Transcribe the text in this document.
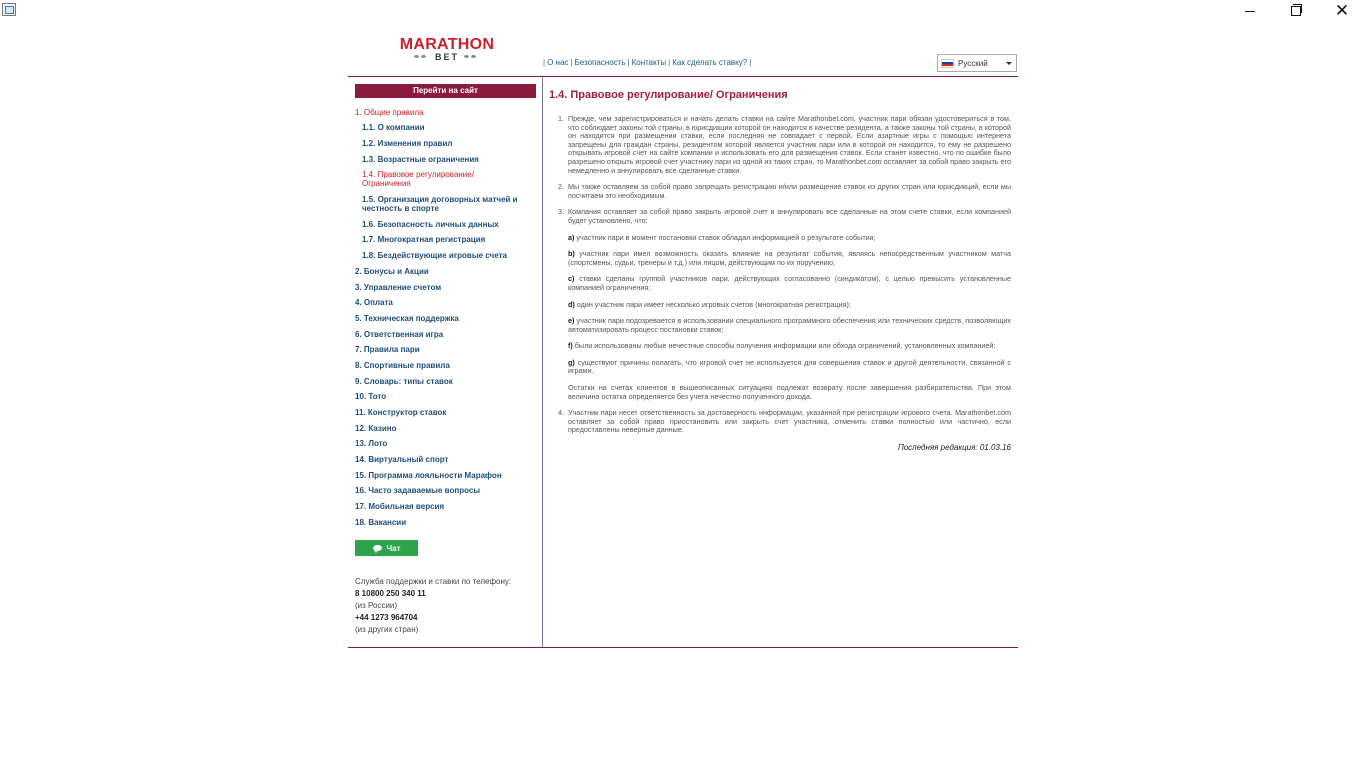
✕
MARATHON
BET
| О нас | Безопасность | Контакты | Как сделать ставку? |	Русский
Перейти на сайт
1. Общие правила
1.1. О компании
1.2. Изменения правил
1.3. Возрастные ограничения
1.4. Правовое регулирование/
Ограничения
1.5. Организация договорных матчей и
честность в спорте
1.6. Безопасность личных данных
1.7. Многократная регистрация
1.8. Бездействующие игровые счета
2. Бонусы и Акции
3. Управление счетом
4. Оплата
5. Техническая поддержка
6. Ответственная игра
7. Правила пари
8. Спортивные правила
9. Словарь: типы ставок
10. Тото
11. Конструктор ставок
12. Казино
13. Лото
14. Виртуальный спорт
15. Программа лояльности Марафон
16. Часто задаваемые вопросы
17. Мобильная версия
18. Вакансии
Чат
Служба поддержки и ставки по телефону:
8 10800 250 340 11
(из России)
+44 1273 964704
(из других стран)
1.4. Правовое регулирование/ Ограничения
1. Прежде, чем зарегистрироваться и начать делать ставки на сайте Marathonbet.com, участник пари обязан удостовериться в том, что соблюдает законы той страны, в юрисдикции которой он находится в качестве резидента, а также законы той страны, в которой он находится при размещении ставки, если последняя не совпадает с первой. Если азартные игры с помощью интернета запрещены для граждан страны, резидентом которой является участник пари или в которой он находится, то ему не разрешено открывать игровой счет на сайте компании и использовать его для размещения ставок. Если станет известно, что по ошибке было разрешено открыть игровой счет участнику пари из одной из таких стран, то Marathonbet.com оставляет за собой право закрыть его немедленно и аннулировать все сделанные ставки.
2. Мы также оставляем за собой право запрещать регистрацию и/или размещение ставок из других стран или юрисдикций, если мы посчитаем это необходимым.
3. Компания оставляет за собой право закрыть игровой счет и аннулировать все сделанные на этом счете ставки, если компанией будет установлено, что:
a) участник пари в момент постановки ставок обладал информацией о результате события;
b) участник пари имел возможность оказать влияние на результат события, являясь непосредственным участником матча (спортсмены, судьи, тренеры и т.д.) или лицом, действующим по их поручению;
c) ставки сделаны группой участников пари, действующих согласованно (синдикатом), с целью превысить установленные компанией ограничения;
d) один участник пари имеет несколько игровых счетов (многократная регистрация);
e) участник пари подозревается в использовании специального программного обеспечения или технических средств, позволяющих автоматизировать процесс постановки ставок;
f) были использованы любые нечестные способы получения информации или обхода ограничений, установленных компанией;
g) существуют причины полагать, что игровой счет не используется для совершения ставок и другой деятельности, связанной с играми.
Остатки на счетах клиентов в вышеописанных ситуациях подлежат возврату после завершения разбирательства. При этом величина остатка определяется без учета нечестно полученного дохода.
4. Участник пари несет ответственность за достоверность информации, указанной при регистрации игрового счета. Marathonbet.com оставляет за собой право приостановить или закрыть счет участника, отменить ставки полностью или частично, если предоставлены неверные данные.
Последняя редакция: 01.03.16
